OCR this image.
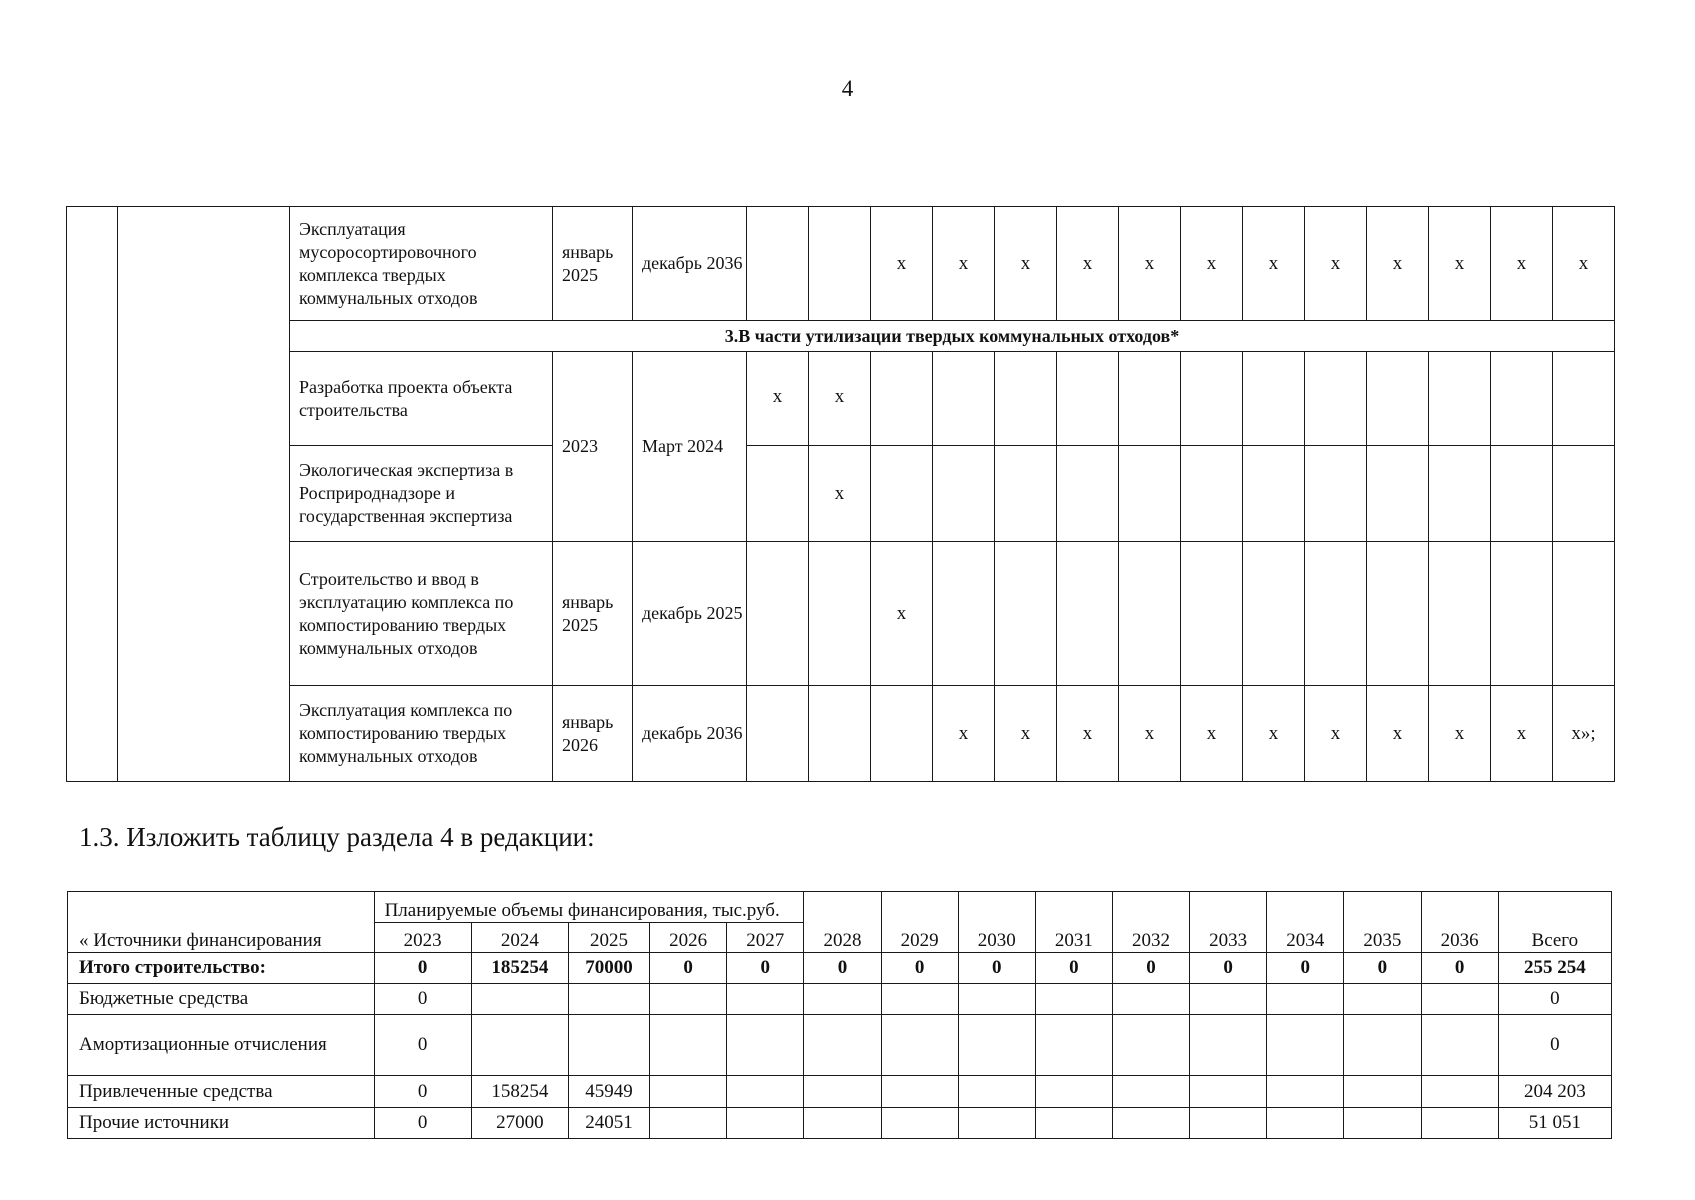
4
		Эксплуатация мусоросортировочного комплекса твердых коммунальных отходов	январь 2025	декабрь 2036			x	x	x	x	x	x	x	x	x	x	x	x
		3.В части утилизации твердых коммунальных отходов*																
		Разработка проекта объекта строительства	2023	Март 2024	x	x												
		Экологическая экспертиза в Росприроднадзоре и государственная экспертиза				x												
		Строительство и ввод в эксплуатацию комплекса по компостированию твердых коммунальных отходов	январь 2025	декабрь 2025			x											
		Эксплуатация комплекса по компостированию твердых коммунальных отходов	январь 2026	декабрь 2036				x	x	x	x	x	x	x	x	x	x	x»;
1.3. Изложить таблицу раздела 4 в редакции:
	Планируемые объемы финансирования, тыс.руб.														
« Источники финансирования	2023	2024	2025	2026	2027	2028	2029	2030	2031	2032	2033	2034	2035	2036	Всего
Итого строительство:	0	185254	70000	0	0	0	0	0	0	0	0	0	0	0	255 254
Бюджетные средства	0														0
Амортизационные отчисления	0														0
Привлеченные средства	0	158254	45949												204 203
Прочие источники	0	27000	24051												51 051
